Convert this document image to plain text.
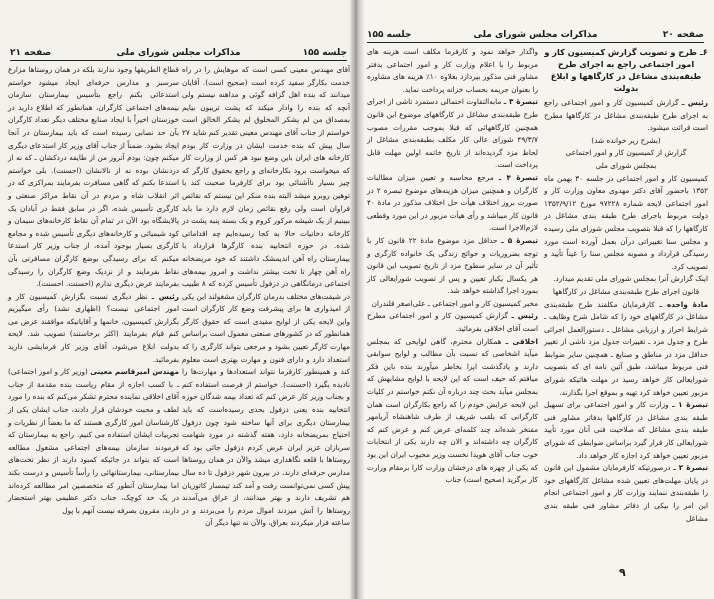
جلسه ۱۵۵
مذاکرات مجلس شورای ملی
صفحه ۲۱

آقای مهندس معینی کسی است که موهایش را در راه خدمت بکارگر سفید کرده است (صحیح است). آقایان میدانند که بنده اهل گزافه گوئی و مداهنه نیستم ولی آنچه که بنده را وادار میکند که پشت تریبون بیایم بمصداق من لم یشکر المخلوق لم یشکر الخالق است خواستم از جناب آقای مهندس معینی تقدیر کنم شاید ۲۷ سال پیش که بنده خدمت ایشان در وزارت کار بودم کارخانه های ایران باین وضع نبود هر کس از وزارت کار که میخواست برود بکارخانه‌ای و راجع بحقوق کارگر که چیز بسیار ناآشنائی بود برای کارفرما صحبت کند با توهین روبرو میشد البته بنده منکر این نیستم که نقائص فراوان است ولی رفع نقائص زمان لازم دارد ما باید ببینیم از یک شیشه مرکور کروم و یک بسته پنبه پشت در کارخانه دخانیات حالا به کجا رسیده‌ایم چه اقداماتی شده. در حوزه انتخابیه بنده کارگرها قرارداد با بیمارستان راه آهن اندیمشک داشتند که خود مریضخانه راه آهن چهار تا تخت بیشتر نداشت و امروز بیمه‌های اجتماعی درمانگاهی در دزفول تأسیس کرده که ۸ طبیب در شیفت‌های مختلف بدرمان کارگران مشغولند این یکی از امیدواری ها برای پیشرفت وضع کار کارگران است واین لایحه یکی از لوایح مفیدی است که حقوق کارگر همانطور که در کشورهای صنعتی معمول است براساس مهارت کارگر تعیین بشود و مرجعی بتواند کارگری را که استعداد دارد و دارای فنون و مهارت بهتری است معلوم کند و همینطور کارفرما نتواند استعدادها و مهارت‌ها را نادیده بگیرد (احسنت). خواستم از فرصت استفاده کنم و بجناب وزیر کار عرض کنم که تعداد بیمه شدگان حوزه انتخابیه بنده یعنی دزفول بحدی رسیده‌است که باید بیمارستان دیگری برای آنها ساخته شود چون دزفول احتیاج بمریضخانه دارد، هفته گذشته در مورد شهامت سربازان عزیز ایران عرض کردم دزفول جائی بود که روستاها با قلعه نگاهداری میشد والآن در همان روستاها مدارس حرفه‌ای دارند، در بیرون شهر دزفول تا ده سال پیش کسی نمی‌توانست رفت و آمد کند تیمسار کاتوزیان هم تشریف دارند و بهتر میدانند، از عراق می‌آمدند روستاها را آتش میزدند اموال مردم را می‌بردند و در ساعته فرار میکردند بعراق، والآن نه تنها دیگر آن

قطاع الطریقها وجود ندارند بلکه در همان روستاها مزارع سرسبز و مدارس حرفه‌ای ایجاد میشود خواستم استدعائی بکنم راجع بتأسیس بیمارستان سازمان بیمه‌های اجتماعی کارگران، همانطور که اطلاع دارید در خوزستان اخیراً با ایجاد صنایع مختلف دیگر تعداد کارگران بآن حد نصابی رسیده است که باید بیمارستان در آنجا ایجاد بشود. ضمناً از جناب آقای وزیر کار استدعای دیگری میکنم چون: بودم آنروز من از طایفه دردکشان ـ که نه از دردنشان بوده نه از نالانشان (احسنت). بلی خواستم استدعا بکنم که گاهی مسافرت بفرمایند بمراکزی که در اثر انقلاب شاه و مردم در آن نقاط مراکز صنعتی و کارگری تأسیس شده، اگر در سابق فقط در آبادان یک پالایشگاه بود الآن در تمام آن نقاط کارخانه‌های سیمان و کود شیمیائی و کارخانه‌های دیگری تأسیس شده و مجامع کارگری بسیار بوجود آمده، از جناب وزیر کار استدعا میکنم که برای رسیدگی بوضع کارگران مسافرتی بآن نقاط بفرمایند و از نزدیک وضع کارگران را رسیدگی بفرمایند عرض دیگری ندارم (احسنت. احسنت).

رئیس ـ نظر دیگری نسبت بگزارش کمیسیون کار و امور اجتماعی نیست؟ (اظهاری نشد) رأی میگیریم بگزارش کمیسیون، خانمها و آقایانیکه موافقند عرض می کنم قیام بفرمایند (اکثر برخاستند) تصویب شد. لایحه بدولت ابلاغ می‌شود، آقای وزیر کار فرمایشی دارید بفرمائید.

مهندس امیرقاسم معینی (وزیر کار و امور اجتماعی) ـ با کسب اجازه از مقام ریاست بنده مقدمة از جناب آقای اخلاقی نماینده محترم تشکر می‌کنم که بنده را مورد لطف و محبت خودشان قرار دادند، جناب ایشان یکی از کارشناسان امور کارگری هستند که ما بعضاً از نظریات و تجربیات ایشان استفاده می کنیم. راجع به بیمارستان که فرمودند سازمان بیمه‌های اجتماعی مشغول مطالعه است که بتواند در جائیکه کمبود دارند از نظر تخت‌های بیمارستانی، بیمارستانهائی را رأساً تأسیس و درست بکند اما بیمارستان آنطور که متخصصین امر مطالعه کرده‌اند در یک حد کوچک، جناب دکتر عظیمی بهتر استحضار دارند، مقرون بصرفه نیست آنهم با پول

صفحه ۲۰
مذاکرات مجلس شورای ملی
جلسه ۱۵۵

۶ـ طرح و تصویب گزارش کمیسیون کار و امور اجتماعی راجع به اجرای طرح طبقه‌بندی مشاغل در کارگاهها و ابلاغ بدولت

رئیس ـ گزارش کمیسیون کار و امور اجتماعی راجع به اجرای طرح طبقه‌بندی مشاغل در کارگاهها مطرح است قرائت میشود.

(بشرح زیر خوانده شد)

گزارش از کمیسیون کار و امور اجتماعی

بمجلس شورای ملی

کمیسیون کار و امور اجتماعی در جلسه ۳۰ بهمن ماه ۱۳۵۲ باحضور آقای دکتر مهدوی معاون وزارت کار و امور اجتماعی لایحه شماره ۹۷۲۲۸ مورخ ۱۳۵۲/۹/۱۲ دولت مربوط باجرای طرح طبقه بندی مشاغل در کارگاهها را که قبلا بتصویب مجلس شورای ملی رسیده و مجلس سنا تغییراتی درآن بعمل آورده است مورد رسیدگی قرارداد و مصوبه مجلس سنا را عیناً تأیید و تصویب کرد.

اینک گزارش آنرا بمجلس شورای ملی تقدیم میدارد.

قانون اجرای طرح طبقه‌بندی مشاغل در کارگاهها

مادهٔ واحده ـ کارفرمایان مکلفند طرح طبقه‌بندی مشاغل در کارگاههای خود را که شامل شرح وظایف ـ شرایط احراز و ارزیابی مشاغل ـ دستورالعمل اجرائی طرح و جدول مزد ـ تغییرات جدول مزد ناشی از تغییر حداقل مزد در مناطق و صنایع ـ همچنین سایر ضوابط فنی مربوط میباشد، طبق آئین نامه ای که بتصویب شورایعالی کار خواهد رسید در مهلت هائیکه شورای مزبور تعیین خواهد کرد تهیه و بموقع اجرا بگذارند.

تبصرهٔ ۱ ـ وزارت کار و امور اجتماعی برای تسهیل طبقه بندی مشاغل در کارگاهها بدفاتر مشاور فنی طبقه بندی مشاغل که صلاحیت فنی آنان مورد تأیید شورایعالی کار قرار گیرد براساس ضوابطی که شورای مزبور تعیین خواهد کرد اجازه کار خواهد داد.

تبصرهٔ ۲ ـ درصورتیکه کارفرمایان مشمول این قانون در پایان مهلت‌های تعیین شده مشاغل کارگاههای خود را طبقه‌بندی ننمایند وزارت کار و امور اجتماعی انجام این امر را بیکی از دفاتر مشاور فنی طبقه بندی مشاغل

واگذار خواهد نمود و کارفرما مکلف است هزینه های مربوط را با اعلام وزارت کار و امور اجتماعی بدفتر مشاور فنی مذکور بپردازد بعلاوه ۱۰٪ هزینه های مشاوره را بعنوان جریمه بحساب خزانه پرداخت نماید.

تبصرهٔ ۳ ـ مابه‌التفاوت احتمالی دستمزد ناشی از اجرای طرح طبقه‌بندی مشاغل در کارگاههای موضوع این قانون همچنین کارگاههائی که قبلا بموجب مقررات مصوب ۴۹/۳/۷ شورای عالی کار مکلف بطبقه‌بندی مشاغل از لحاظ مزد گردیده‌اند از تاریخ خاتمه اولین مهلت قابل پرداخت است.

تبصرهٔ ۴ ـ مرجع محاسبه و تعیین میزان مطالبات کارگران و همچنین میزان هزینه‌های موضوع تبصره ۲ در صورت بروز اختلاف هیأت حل اختلاف مذکور در مادهٔ ۴۰ قانون کار میباشد و رأی هیأت مزبور در این مورد وقطعی لازم‌الاجرا است.

تبصرهٔ ۵ ـ حداقل مزد موضوع مادهٔ ۲۲ قانون کار با توجه بضروریات و حوائج زندگی یک خانواده کارگری و تأثیر آن در سایر سطوح مزد از تاریخ تصویب این قانون هر یکسال یکبار تعیین و پس از تصویب شورایعالی کار بمورد اجرا گذاشته خواهد شد.

مخبر کمیسیون کار و امور اجتماعی ـ علی‌اصغر قلندران

رئیس ـ گزارش کمیسیون کار و امور اجتماعی مطرح است آقای اخلاقی بفرمائید.

اخلاقی ـ همکاران محترم، گاهی لوایحی که بمجلس میآید اشخاصی که نسبت بآن مطالب و لوایح سوابقی دارند و یادگذشت ایرا بخاطر میآورند بنده باین فکر میافتم که حیف است که این لایحه با لوایح مشابهش که بمجلس میآید بحث چند درباره آن نکنم خواستم در کلیات این لایحه عرایض خودم را که راجع بکارگران است همان کارگرانی که بلقب شریف از طرف شاهنشاه آریامهر مفتخر شده‌اند چند کلمه‌ای عرض کنم و عرض کنم که کارگران چه داشته‌اند و الان چه دارند یکی از انتخابات خوب جناب آقای هویدا نخست وزیر محبوب ایران این بود که یکی از چهره های درخشان وزارت کارا برمقام وزارت کار برگزید (صحیح است) جناب

۹
